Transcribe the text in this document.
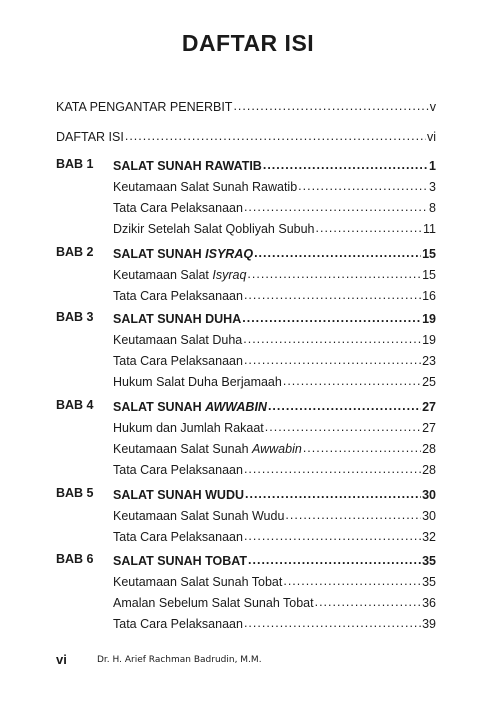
DAFTAR ISI
KATA PENGANTAR PENERBIT .....	v
DAFTAR ISI .....	vi
BAB 1 SALAT SUNAH RAWATIB .....	1
Keutamaan Salat Sunah Rawatib .....	3
Tata Cara Pelaksanaan .....	8
Dzikir Setelah Salat Qobliyah Subuh .....	11
BAB 2 SALAT SUNAH ISYRAQ .....	15
Keutamaan Salat Isyraq .....	15
Tata Cara Pelaksanaan .....	16
BAB 3 SALAT SUNAH DUHA .....	19
Keutamaan Salat Duha .....	19
Tata Cara Pelaksanaan .....	23
Hukum Salat Duha Berjamaah .....	25
BAB 4 SALAT SUNAH AWWABIN .....	27
Hukum dan Jumlah Rakaat .....	27
Keutamaan Salat Sunah Awwabin .....	28
Tata Cara Pelaksanaan .....	28
BAB 5 SALAT SUNAH WUDU .....	30
Keutamaan Salat Sunah Wudu .....	30
Tata Cara Pelaksanaan .....	32
BAB 6 SALAT SUNAH TOBAT .....	35
Keutamaan Salat Sunah Tobat .....	35
Amalan Sebelum Salat Sunah Tobat .....	36
Tata Cara Pelaksanaan .....	39
vi	Dr. H. Arief Rachman Badrudin, M.M.
